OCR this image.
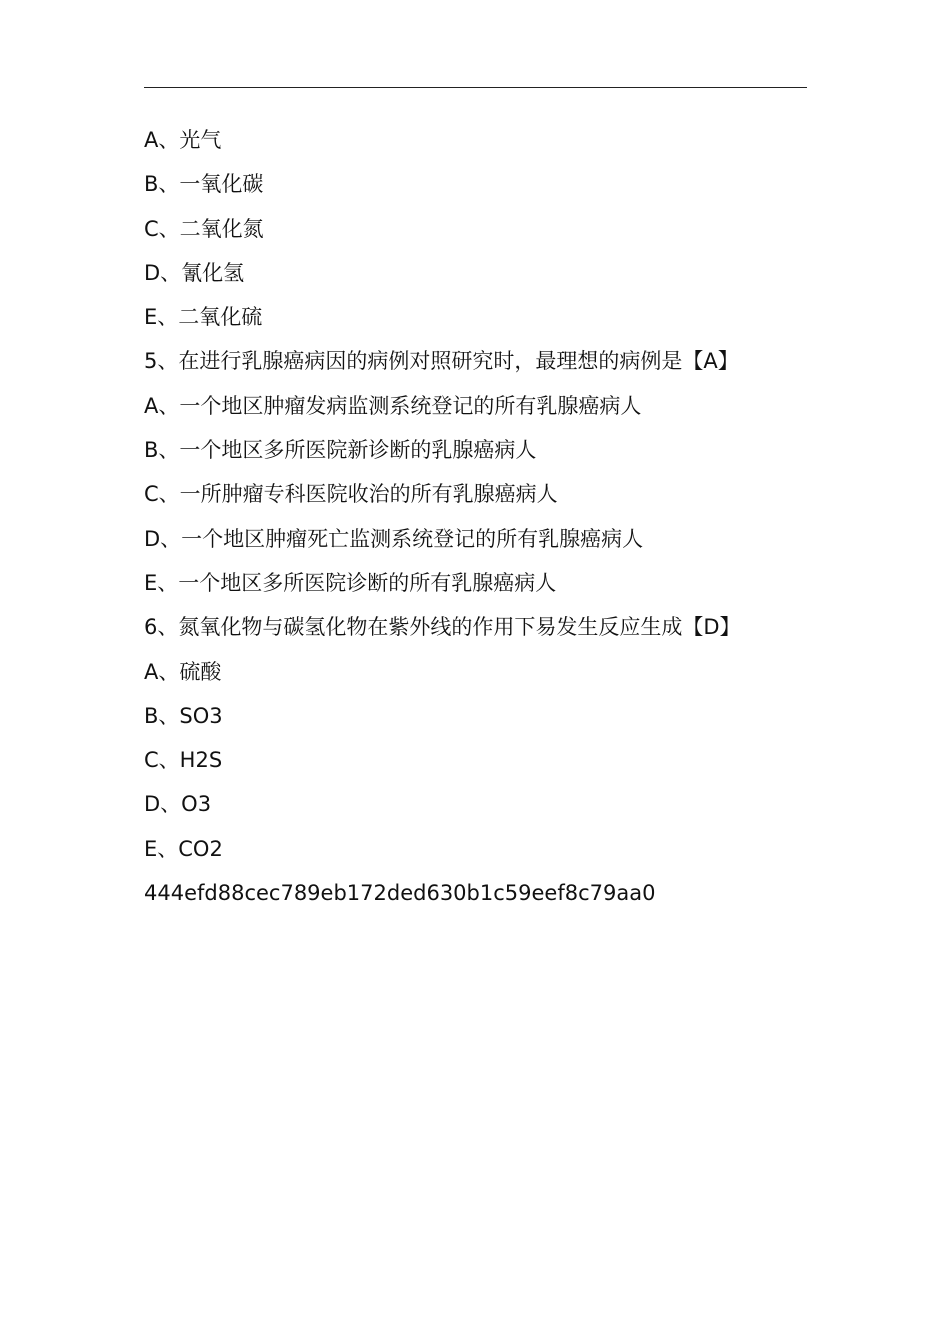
A、光气
B、一氧化碳
C、二氧化氮
D、氰化氢
E、二氧化硫
5、在进行乳腺癌病因的病例对照研究时，最理想的病例是【A】
A、一个地区肿瘤发病监测系统登记的所有乳腺癌病人
B、一个地区多所医院新诊断的乳腺癌病人
C、一所肿瘤专科医院收治的所有乳腺癌病人
D、一个地区肿瘤死亡监测系统登记的所有乳腺癌病人
E、一个地区多所医院诊断的所有乳腺癌病人
6、氮氧化物与碳氢化物在紫外线的作用下易发生反应生成【D】
A、硫酸
B、SO3
C、H2S
D、O3
E、CO2
444efd88cec789eb172ded630b1c59eef8c79aa0
